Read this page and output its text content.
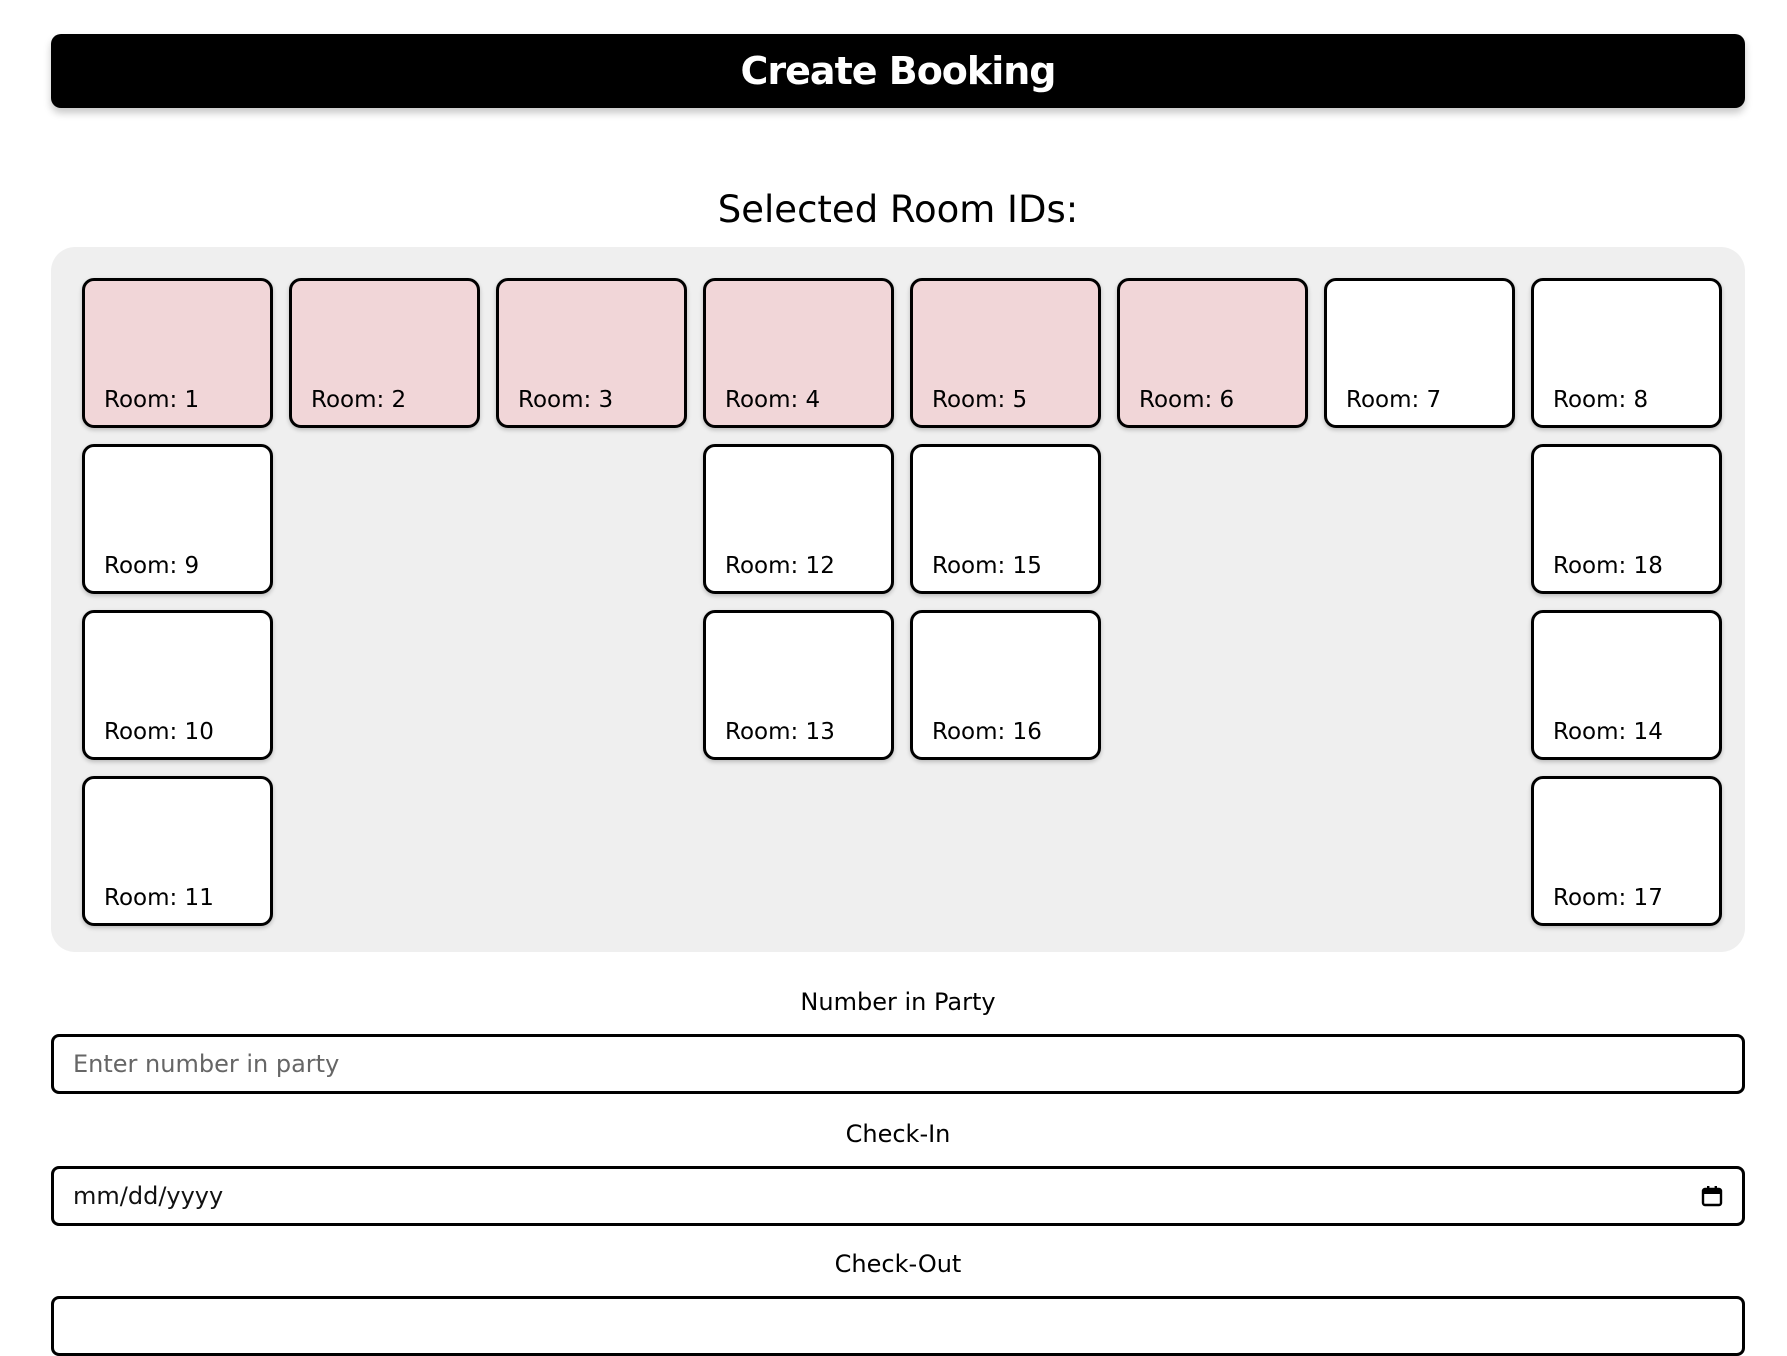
Create Booking
Selected Room IDs:
Room: 1	Room: 2	Room: 3	Room: 4	Room: 5	Room: 6	Room: 7	Room: 8
Room: 9	Room: 12	Room: 15	Room: 18
Room: 10	Room: 13	Room: 16	Room: 14
Room: 11	Room: 17
Number in Party
Enter number in party
Check-In
mm/dd/yyyy
Check-Out
